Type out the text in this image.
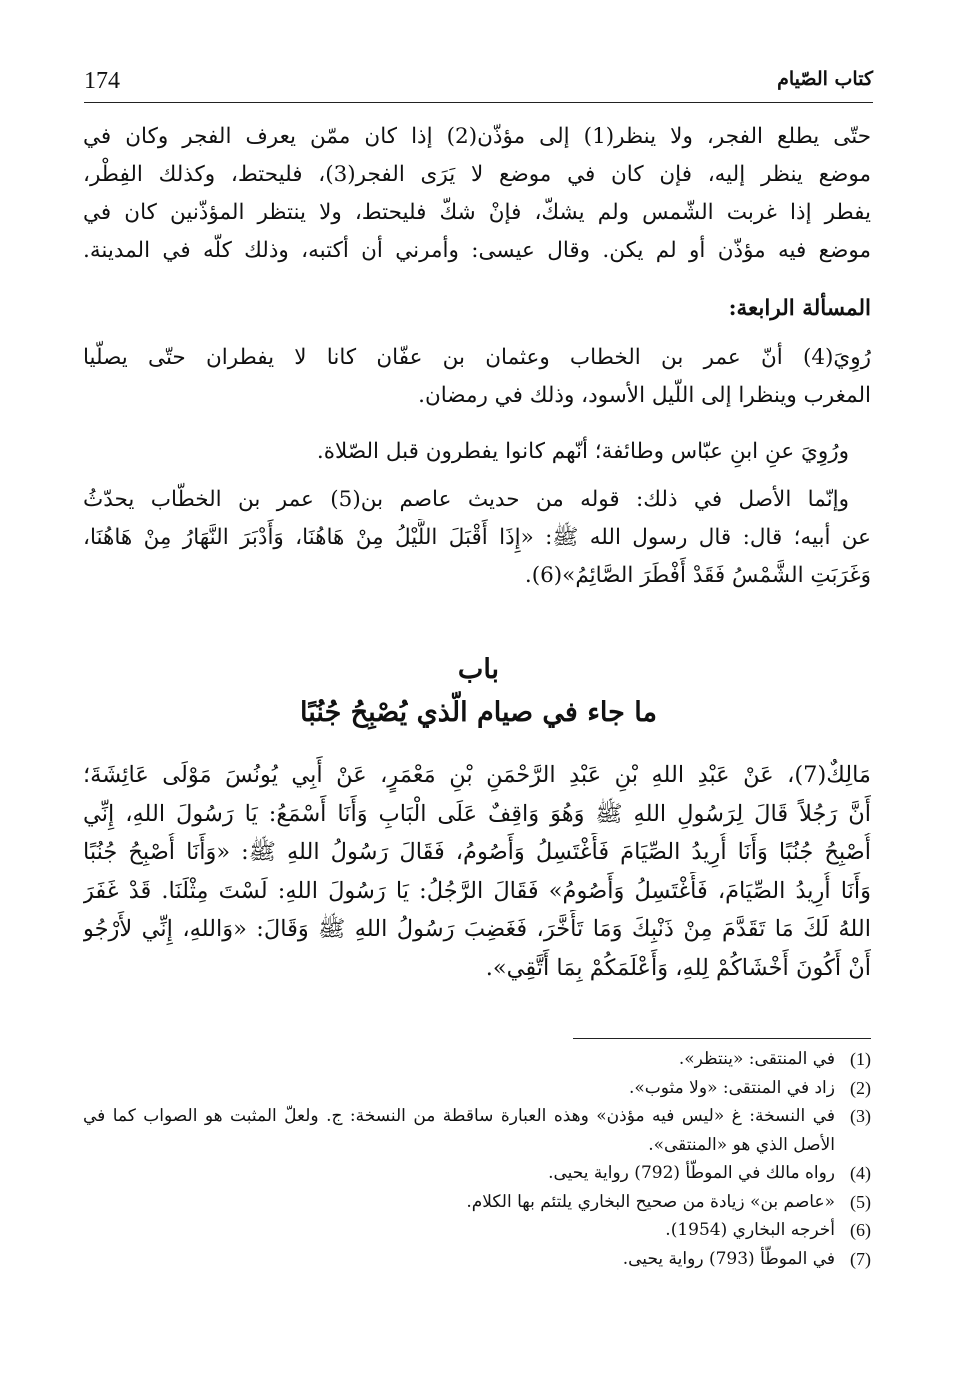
174	كتاب الصّيام
حتّى يطلع الفجر، ولا ينظر(1) إلى مؤذّن(2) إذا كان ممّن يعرف الفجر وكان في
موضع ينظر إليه، فإن كان في موضع لا يَرَى الفجر(3)، فليحتط، وكذلك الفِطْر،
يفطر إذا غربت الشّمس ولم يشكّ، فإنْ شكّ فليحتط، ولا ينتظر المؤذّنين كان في
موضع فيه مؤذّن أو لم يكن. وقال عيسى: وأمرني أن أكتبه، وذلك كلّه في المدينة.
المسألة الرابعة:
رُوِيَ(4) أنّ عمر بن الخطاب وعثمان بن عفّان كانا لا يفطران حتّى يصلّيا
المغرب وينظرا إلى اللّيل الأسود، وذلك في رمضان.
ورُوِيَ عنِ ابنِ عبّاس وطائفة؛ أنّهم كانوا يفطرون قبل الصّلاة.
وإنّما الأصل في ذلك: قوله من حديث عاصم بن(5) عمر بن الخطّاب يحدّثُ
عن أبيه؛ قال: قال رسول الله ﷺ: «إِذَا أَقْبَلَ اللَّيْلُ مِنْ هَاهُنَا، وَأَدْبَرَ النَّهَارُ مِنْ هَاهُنَا،
وَغَرَبَتِ الشَّمْسُ فَقَدْ أَفْطَرَ الصَّائِمُ»(6).
باب
ما جاء في صيام الّذي يُصْبِحُ جُنُبًا
مَالِكٌ(7)، عَنْ عَبْدِ اللهِ بْنِ عَبْدِ الرَّحْمَنِ بْنِ مَعْمَرٍ، عَنْ أَبِي يُونُسَ مَوْلَى عَائِشَةَ؛
أَنَّ رَجُلاً قَالَ لِرَسُولِ اللهِ ﷺ وَهُوَ وَاقِفٌ عَلَى الْبَابِ وَأَنَا أَسْمَعُ: يَا رَسُولَ اللهِ، إِنِّي
أُصْبِحُ جُنُبًا وَأَنَا أُرِيدُ الصِّيَامَ فَأَغْتَسِلُ وَأَصُومُ، فَقَالَ رَسُولُ اللهِ ﷺ: «وَأَنَا أُصْبِحُ جُنُبًا
وَأَنَا أُرِيدُ الصِّيَامَ، فَأَغْتَسِلُ وَأَصُومُ» فَقَالَ الرَّجُلُ: يَا رَسُولَ اللهِ: لَسْتَ مِثْلَنَا. قَدْ غَفَرَ
اللهُ لَكَ مَا تَقَدَّمَ مِنْ ذَنْبِكَ وَمَا تَأَخَّرَ، فَغَضِبَ رَسُولُ اللهِ ﷺ وَقَالَ: «وَاللهِ، إِنِّي لأَرْجُو
أَنْ أَكُونَ أَخْشَاكُمْ لِلهِ، وَأَعْلَمَكُمْ بِمَا أَتَّقِي».
(1)
في المنتقى: «ينتظر».
(2)
زاد في المنتقى: «ولا مثوب».
(3)
في النسخة: غ «ليس فيه مؤذن» وهذه العبارة ساقطة من النسخة: ج. ولعلّ المثبت هو الصواب كما في الأصل الذي هو «المنتقى».
(4)
رواه مالك في الموطّأ (792) رواية يحيى.
(5)
«عاصم بن» زيادة من صحيح البخاري يلتئم بها الكلام.
(6)
أخرجه البخاري (1954).
(7)
في الموطّأ (793) رواية يحيى.
